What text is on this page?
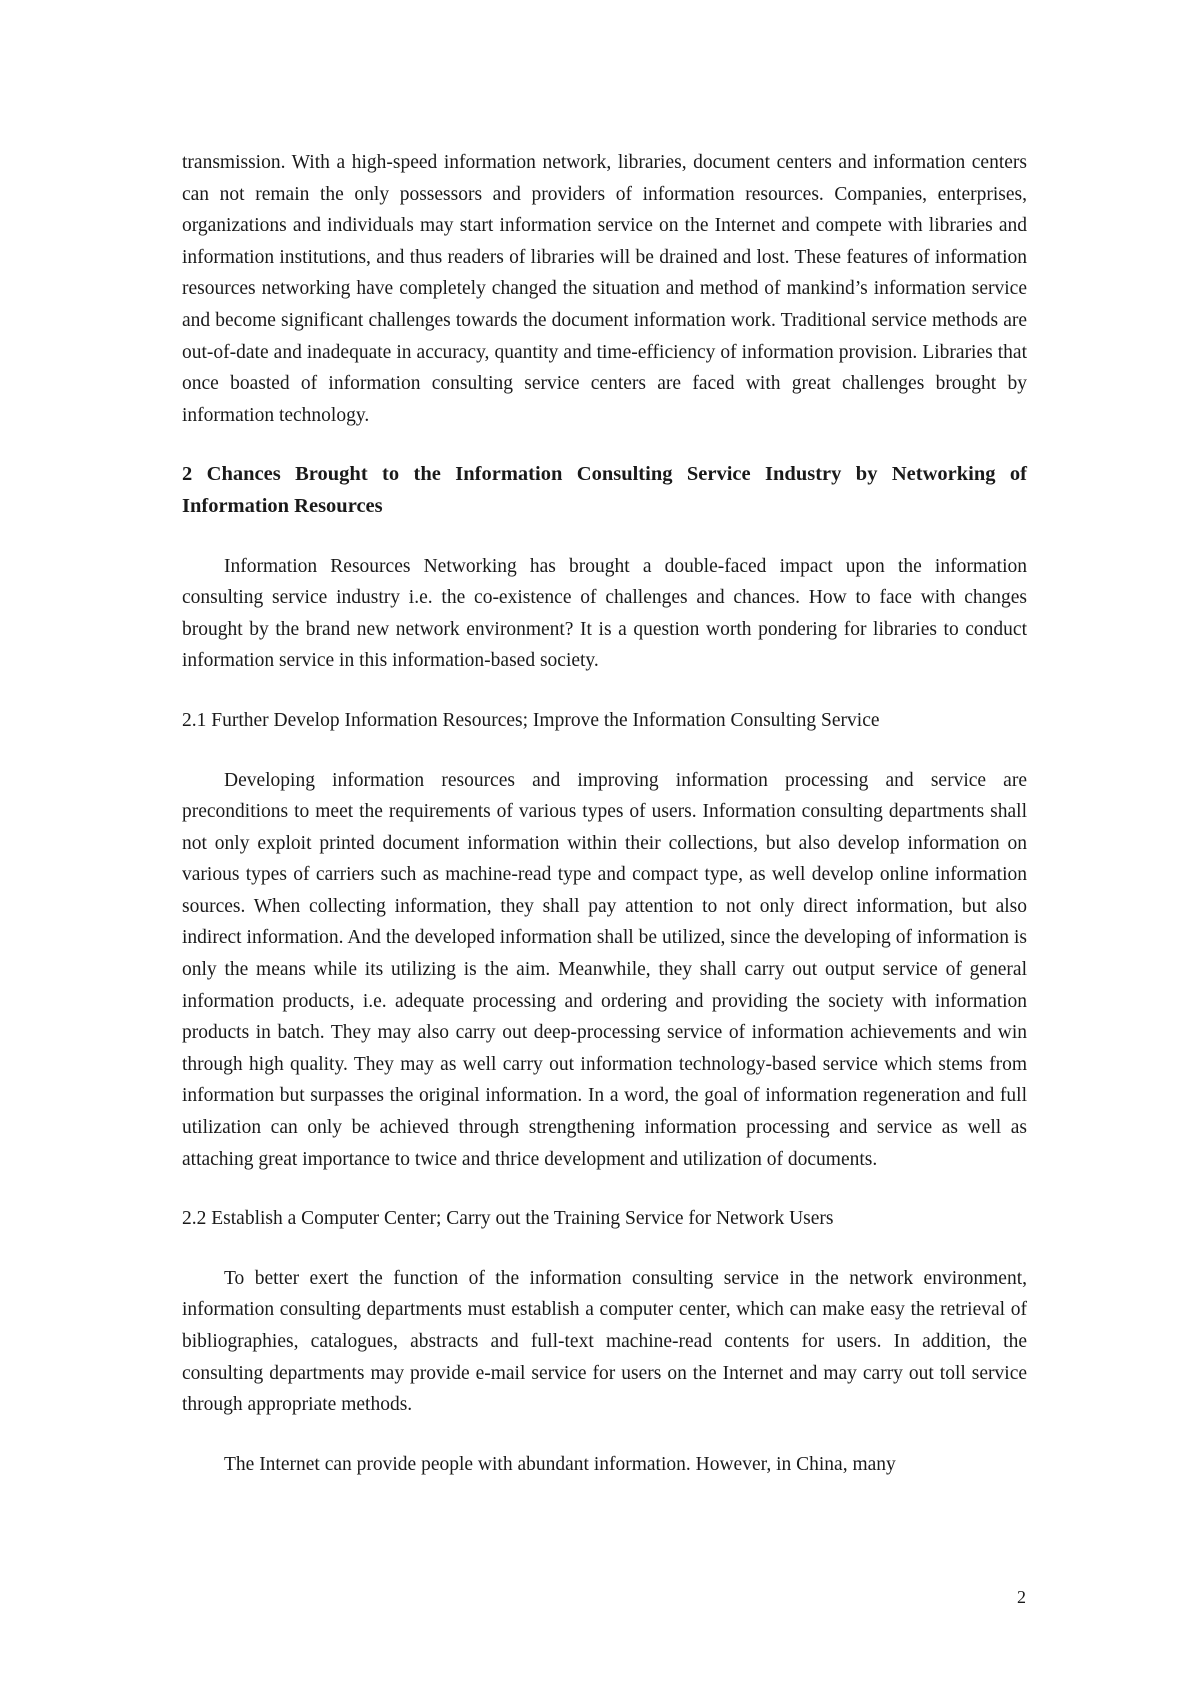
transmission. With a high-speed information network, libraries, document centers and information centers can not remain the only possessors and providers of information resources. Companies, enterprises, organizations and individuals may start information service on the Internet and compete with libraries and information institutions, and thus readers of libraries will be drained and lost. These features of information resources networking have completely changed the situation and method of mankind’s information service and become significant challenges towards the document information work. Traditional service methods are out-of-date and inadequate in accuracy, quantity and time-efficiency of information provision. Libraries that once boasted of information consulting service centers are faced with great challenges brought by information technology.

2 Chances Brought to the Information Consulting Service Industry by Networking of Information Resources

Information Resources Networking has brought a double-faced impact upon the information consulting service industry i.e. the co-existence of challenges and chances. How to face with changes brought by the brand new network environment? It is a question worth pondering for libraries to conduct information service in this information-based society.

2.1 Further Develop Information Resources; Improve the Information Consulting Service

Developing information resources and improving information processing and service are preconditions to meet the requirements of various types of users. Information consulting departments shall not only exploit printed document information within their collections, but also develop information on various types of carriers such as machine-read type and compact type, as well develop online information sources. When collecting information, they shall pay attention to not only direct information, but also indirect information. And the developed information shall be utilized, since the developing of information is only the means while its utilizing is the aim. Meanwhile, they shall carry out output service of general information products, i.e. adequate processing and ordering and providing the society with information products in batch. They may also carry out deep-processing service of information achievements and win through high quality. They may as well carry out information technology-based service which stems from information but surpasses the original information. In a word, the goal of information regeneration and full utilization can only be achieved through strengthening information processing and service as well as attaching great importance to twice and thrice development and utilization of documents.

2.2 Establish a Computer Center; Carry out the Training Service for Network Users

To better exert the function of the information consulting service in the network environment, information consulting departments must establish a computer center, which can make easy the retrieval of bibliographies, catalogues, abstracts and full-text machine-read contents for users. In addition, the consulting departments may provide e-mail service for users on the Internet and may carry out toll service through appropriate methods.

The Internet can provide people with abundant information. However, in China, many

2
